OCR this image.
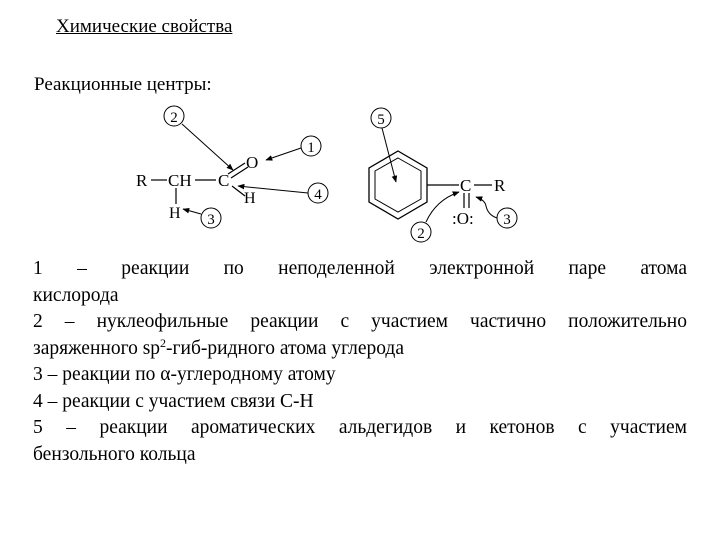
Химические свойства
Реакционные центры:
R CH C
O
H
H
2
1
4
3
C R
:O:
5
2
3

1 – реакции по неподеленной электронной паре атома

кислорода

2 – нуклеофильные реакции с участием частично положительно

заряженного $sp^2-гиб$-ридного атома углерода

3 – реакции по α-углеродному атому

4 – реакции с участием связи С-Н

5 – реакции ароматических альдегидов и кетонов с участием

бензольного кольца
